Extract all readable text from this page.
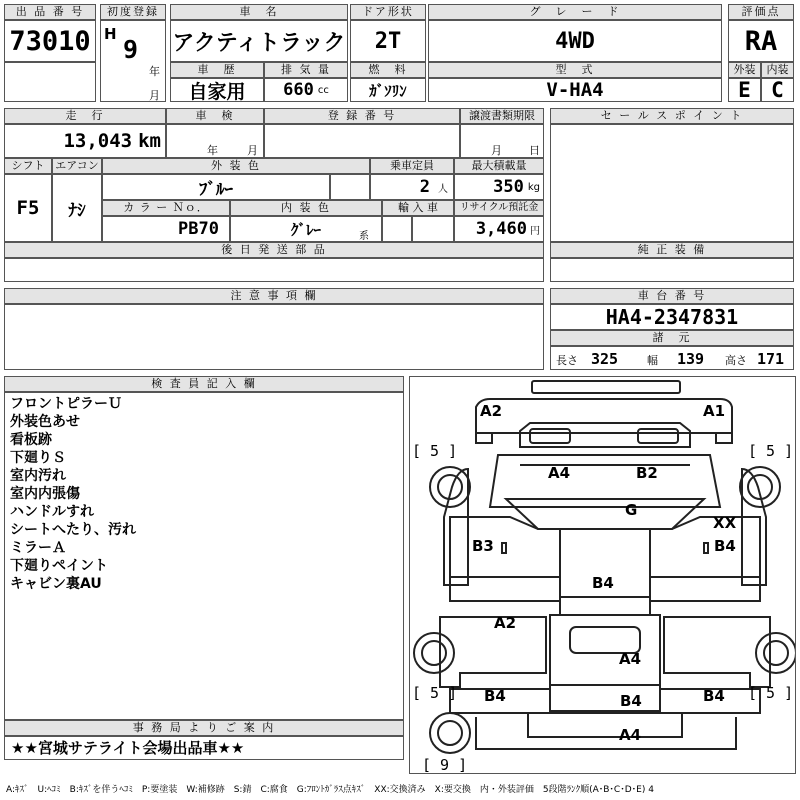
出 品 番 号
73010
初度登録
H
9
年
月
車　名
アクティトラック
ドア形状
2T
グ　レ　ー　ド
4WD
評価点
RA
車　歴
自家用
排 気 量
660 cc
燃　料
ｶﾞｿﾘﾝ
型　式
V-HA4
外装	内装
E C
走　行
13,043 km
車　検
年	月
登 録 番 号	譲渡書類期限
月 日
セ ー ル ス ポ イ ン ト
シフト
F5
エアコン
ﾅｼ
外 装 色
ﾌﾞﾙｰ
乗車定員
2 人
最大積載量
350 kg
カ ラ ー Ｎｏ．
PB70
内 装 色
ｸﾞﾚｰ	系
輸 入 車	リサイクル預託金
3,460 円
後 日 発 送 部 品	純 正 装 備
注 意 事 項 欄	車 台 番 号
HA4-2347831
諸　元
長さ 325	幅 139 高さ 171
検 査 員 記 入 欄
フロントピラーＵ
外装色あせ
看板跡
下廻りＳ
室内汚れ
室内内張傷
ハンドルすれ
シートへたり、汚れ
ミラーＡ
下廻りペイント
キャビン裏AU
事 務 局 よ り ご 案 内
★★宮城サテライト会場出品車★★
A2	A1
A4	B2
G
XX
B3	B4
B4
A2
A4
B4	B4	B4
A4
[ 5 ]	[ 5 ]
[ 5 ]	[ 5 ]
[ 9 ]
A:ｷｽﾞ　U:ﾍｺﾐ　B:ｷｽﾞを伴うﾍｺﾐ　P:要塗装　W:補修跡　S:錆　C:腐食　G:ﾌﾛﾝﾄｶﾞﾗｽ点ｷｽﾞ　XX:交換済み　X:要交換　内・外装評価　5段階ﾗﾝｸ順(A･B･C･D･E) 4
